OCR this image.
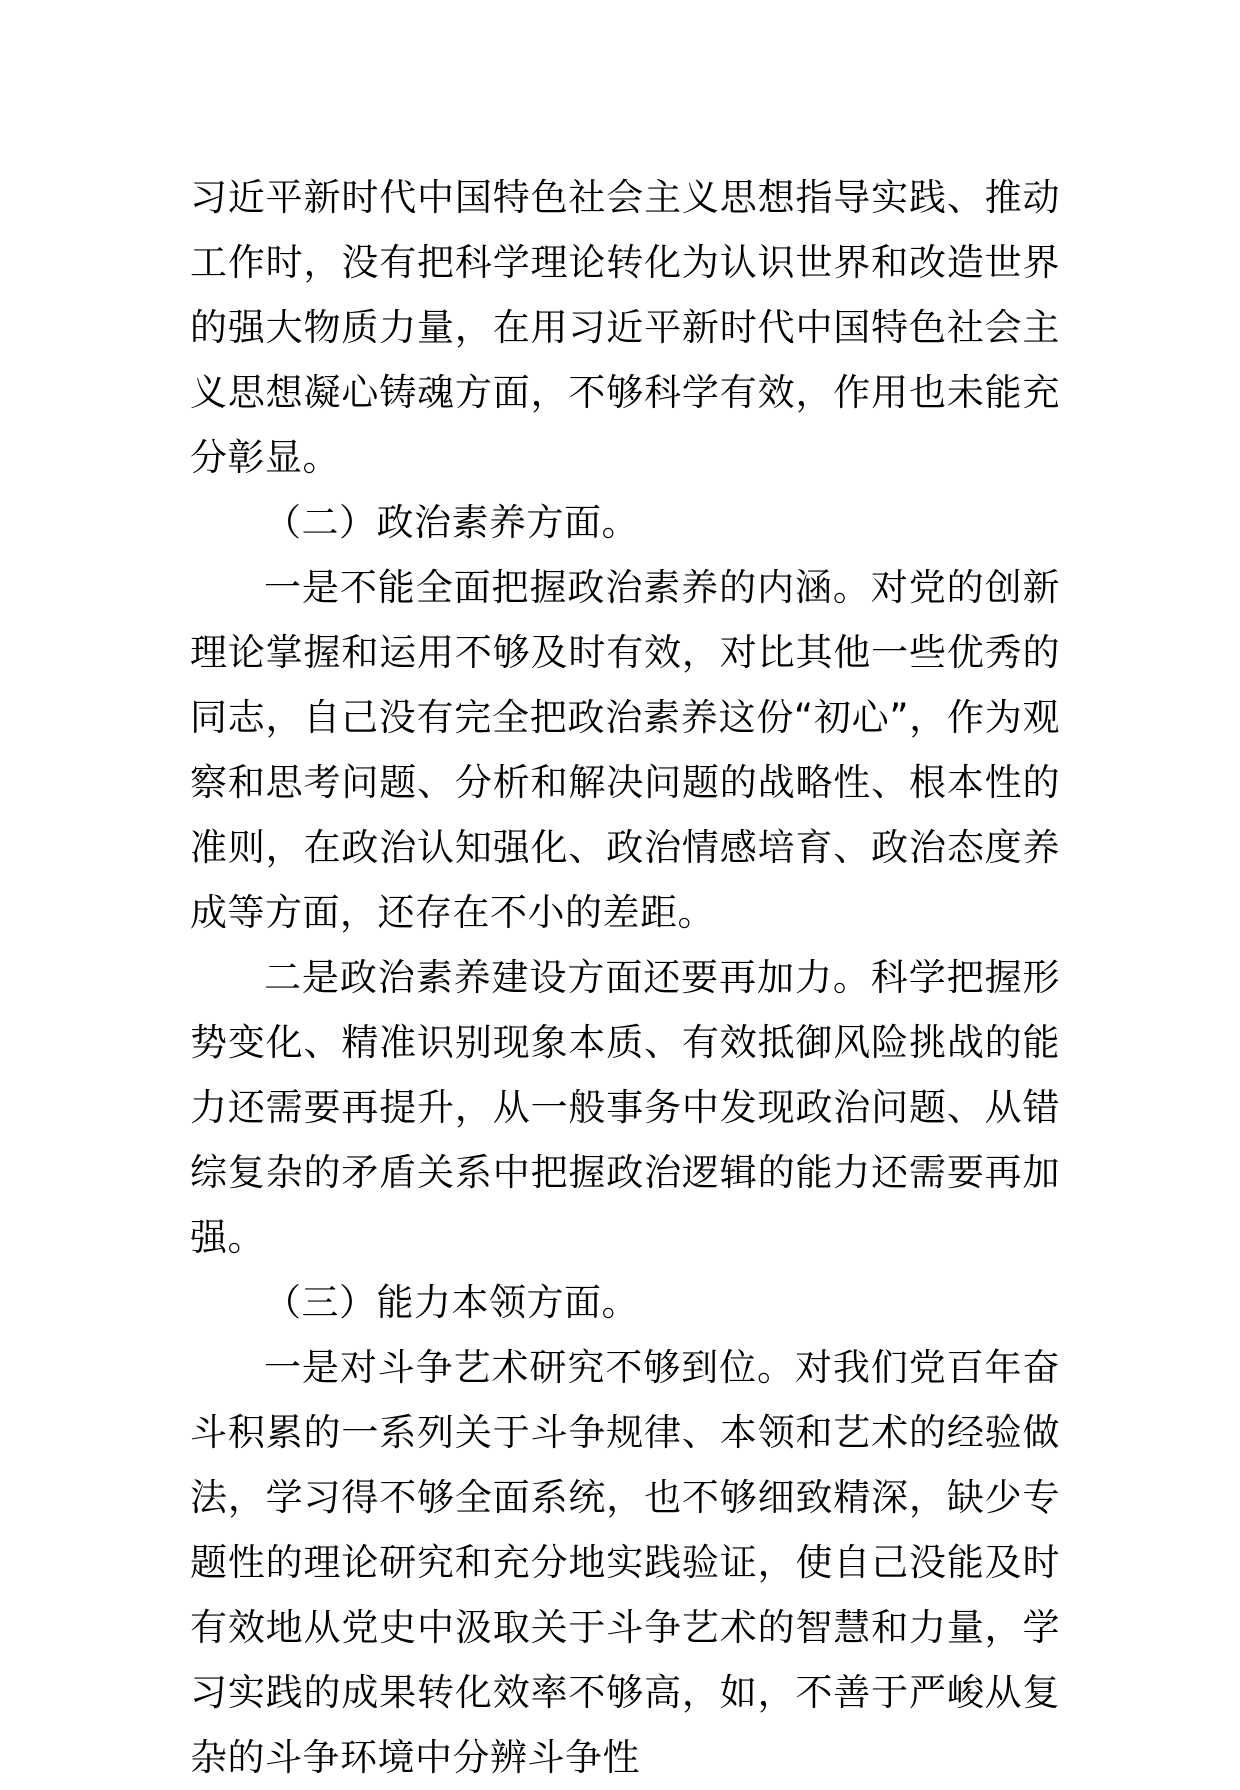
习近平新时代中国特色社会主义思想指导实践、推动工作时，没有把科学理论转化为认识世界和改造世界的强大物质力量，在用习近平新时代中国特色社会主义思想凝心铸魂方面，不够科学有效，作用也未能充分彰显。

（二）政治素养方面。

一是不能全面把握政治素养的内涵。对党的创新理论掌握和运用不够及时有效，对比其他一些优秀的同志，自己没有完全把政治素养这份“初心”，作为观察和思考问题、分析和解决问题的战略性、根本性的准则，在政治认知强化、政治情感培育、政治态度养成等方面，还存在不小的差距。

二是政治素养建设方面还要再加力。科学把握形势变化、精准识别现象本质、有效抵御风险挑战的能力还需要再提升，从一般事务中发现政治问题、从错综复杂的矛盾关系中把握政治逻辑的能力还需要再加强。

（三）能力本领方面。

一是对斗争艺术研究不够到位。对我们党百年奋斗积累的一系列关于斗争规律、本领和艺术的经验做法，学习得不够全面系统，也不够细致精深，缺少专题性的理论研究和充分地实践验证，使自己没能及时有效地从党史中汲取关于斗争艺术的智慧和力量，学习实践的成果转化效率不够高，如，不善于严峻从复杂的斗争环境中分辨斗争性
